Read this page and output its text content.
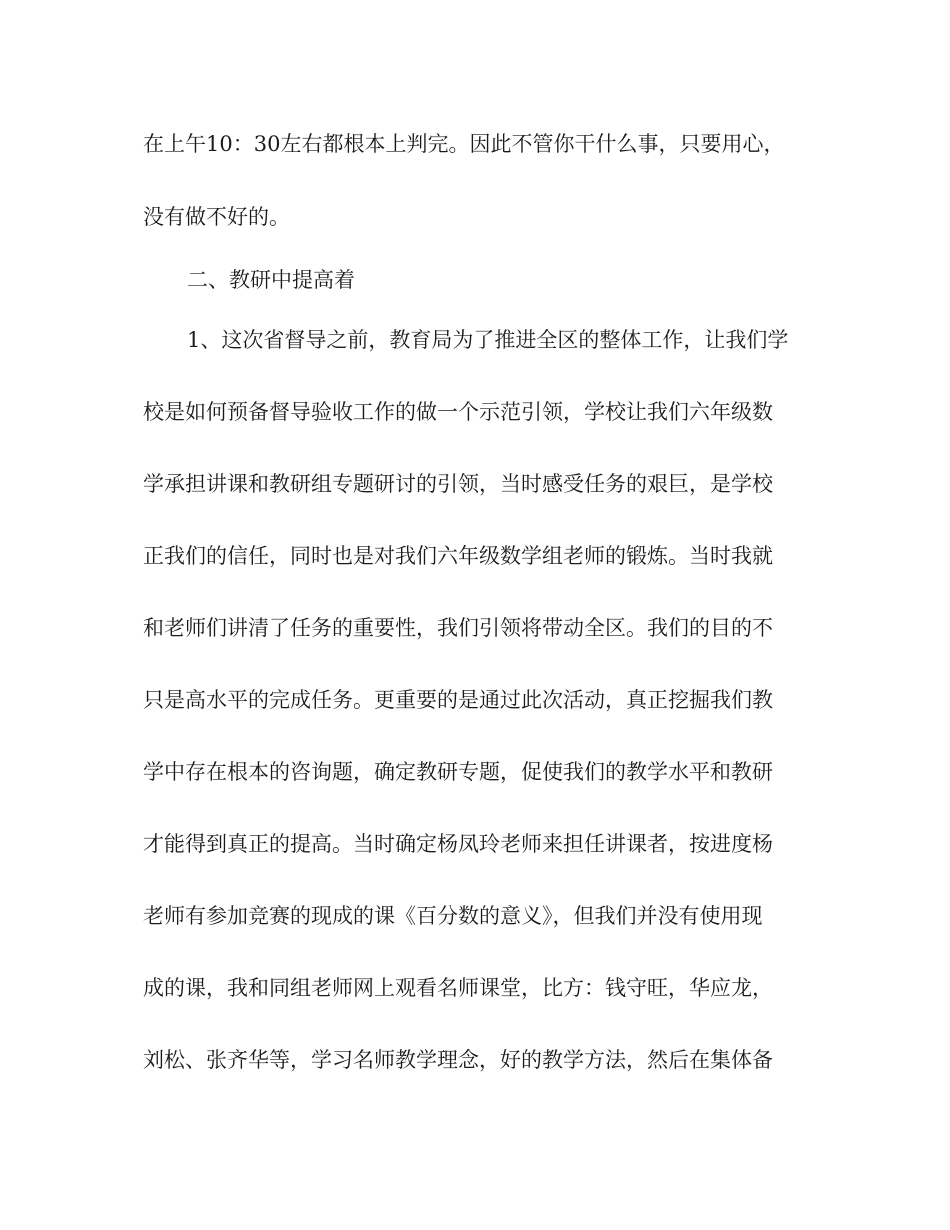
在上午10：30左右都根本上判完。因此不管你干什么事，只要用心，
没有做不好的。
二、教研中提高着
1、这次省督导之前，教育局为了推进全区的整体工作，让我们学
校是如何预备督导验收工作的做一个示范引领，学校让我们六年级数
学承担讲课和教研组专题研讨的引领，当时感受任务的艰巨，是学校
正我们的信任，同时也是对我们六年级数学组老师的锻炼。当时我就
和老师们讲清了任务的重要性，我们引领将带动全区。我们的目的不
只是高水平的完成任务。更重要的是通过此次活动，真正挖掘我们教
学中存在根本的咨询题，确定教研专题，促使我们的教学水平和教研
才能得到真正的提高。当时确定杨凤玲老师来担任讲课者，按进度杨
老师有参加竞赛的现成的课《百分数的意义》，但我们并没有使用现
成的课，我和同组老师网上观看名师课堂，比方：钱守旺，华应龙，
刘松、张齐华等，学习名师教学理念，好的教学方法，然后在集体备
